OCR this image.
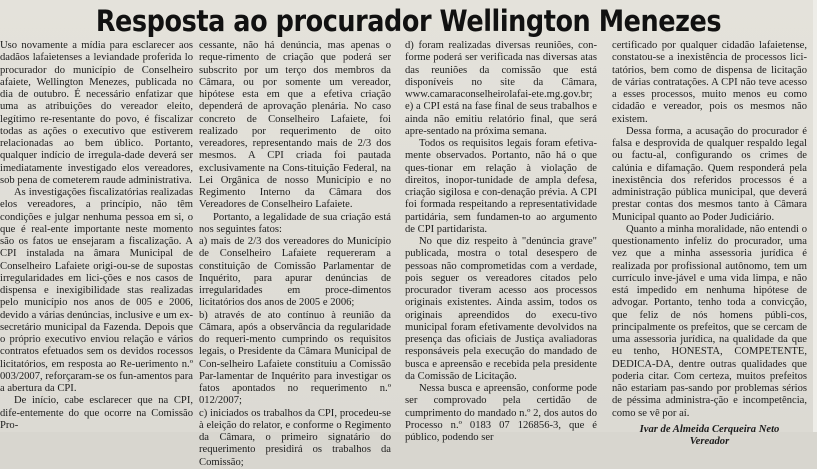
Resposta ao procurador Wellington Menezes

Uso novamente a mídia para esclarecer aos dadãos lafaietenses a leviandade proferida lo procurador do município de Conselheiro afaiete, Wellington Menezes, publicada no dia de outubro. É necessário enfatizar que uma as atribuições do vereador eleito, legítimo re-resentante do povo, é fiscalizar todas as ações o executivo que estiverem relacionadas ao bem úblico. Portanto, qualquer indício de irregula-dade deverá ser imediatamente investigado elos vereadores, sob pena de cometerem raude administrativa.

As investigações fiscalizatórias realizadas elos vereadores, a princípio, não têm condições e julgar nenhuma pessoa em si, o que é real-ente importante neste momento são os fatos ue ensejaram a fiscalização. A CPI instalada na âmara Municipal de Conselheiro Lafaiete origi-ou-se de supostas irregularidades em lici-ções e nos casos de dispensa e inexigibilidade stas realizadas pelo município nos anos de 005 e 2006, devido a várias denúncias, inclusive e um ex-secretário municipal da Fazenda. Depois que o próprio executivo enviou relação e vários contratos efetuados sem os devidos rocessos licitatórios, em resposta ao Re-uerimento n.º 003/2007, reforçaram-se os fun-amentos para a abertura da CPI.

De início, cabe esclarecer que na CPI, dife-entemente do que ocorre na Comissão Pro-

cessante, não há denúncia, mas apenas o reque-rimento de criação que poderá ser subscrito por um terço dos membros da Câmara, ou por somente um vereador, hipótese esta em que a efetiva criação dependerá de aprovação plenária. No caso concreto de Conselheiro Lafaiete, foi realizado por requerimento de oito vereadores, representando mais de 2/3 dos mesmos. A CPI criada foi pautada exclusivamente na Cons-tituição Federal, na Lei Orgânica de nosso Município e no Regimento Interno da Câmara dos Vereadores de Conselheiro Lafaiete.

Portanto, a legalidade de sua criação está nos seguintes fatos:

a) mais de 2/3 dos vereadores do Município de Conselheiro Lafaiete requereram a constituição de Comissão Parlamentar de Inquérito, para apurar denúncias de irregularidades em proce-dimentos licitatórios dos anos de 2005 e 2006;

b) através de ato contínuo à reunião da Câmara, após a observância da regularidade do requeri-mento cumprindo os requisitos legais, o Presidente da Câmara Municipal de Con-selheiro Lafaiete constituiu a Comissão Par-lamentar de Inquérito para investigar os fatos apontados no requerimento n.º 012/2007;

c) iniciados os trabalhos da CPI, procedeu-se à eleição do relator, e conforme o Regimento da Câmara, o primeiro signatário do requerimento presidirá os trabalhos da Comissão;

d) foram realizadas diversas reuniões, con-forme poderá ser verificada nas diversas atas das reuniões da comissão que está disponíveis no site da Câmara, www.camaraconselheirolafai-ete.mg.gov.br;

e) a CPI está na fase final de seus trabalhos e ainda não emitiu relatório final, que será apre-sentado na próxima semana.

Todos os requisitos legais foram efetiva-mente observados. Portanto, não há o que ques-tionar em relação à violação de direitos, inopor-tunidade de ampla defesa, criação sigilosa e con-denação prévia. A CPI foi formada respeitando a representatividade partidária, sem fundamen-to ao argumento de CPI partidarista.

No que diz respeito à "denúncia grave" publicada, mostra o total desespero de pessoas não comprometidas com a verdade, pois seguer os vereadores citados pelo procurador tiveram acesso aos processos originais existentes. Ainda assim, todos os originais apreendidos do execu-tivo municipal foram efetivamente devolvidos na presença das oficiais de Justiça avaliadoras responsáveis pela execução do mandado de busca e apreensão e recebida pela presidente da Comissão de Licitação.

Nessa busca e apreensão, conforme pode ser comprovado pela certidão de cumprimento do mandado n.º 2, dos autos do Processo n.º 0183 07 126856-3, que é público, podendo ser

certificado por qualquer cidadão lafaietense, constatou-se a inexistência de processos lici-tatórios, bem como de dispensa de licitação de várias contratações. A CPI não teve acesso a esses processos, muito menos eu como cidadão e vereador, pois os mesmos não existem.

Dessa forma, a acusação do procurador é falsa e desprovida de qualquer respaldo legal ou factu-al, configurando os crimes de calúnia e difamação. Quem responderá pela inexistência dos referidos processos é a administração pública municipal, que deverá prestar contas dos mesmos tanto à Câmara Municipal quanto ao Poder Judiciário.

Quanto a minha moralidade, não entendi o questionamento infeliz do procurador, uma vez que a minha assessoria jurídica é realizada por profissional autônomo, tem um currículo inve-jável e uma vida limpa, e não está impedido em nenhuma hipótese de advogar. Portanto, tenho toda a convicção, que feliz de nós homens públi-cos, principalmente os prefeitos, que se cercam de uma assessoria jurídica, na qualidade da que eu tenho, HONESTA, COMPETENTE, DEDICA-DA, dentre outras qualidades que poderia citar. Com certeza, muitos prefeitos não estariam pas-sando por problemas sérios de péssima administra-ção e incompetência, como se vê por aí.

Ivar de Almeida Cerqueira Neto

Vereador
